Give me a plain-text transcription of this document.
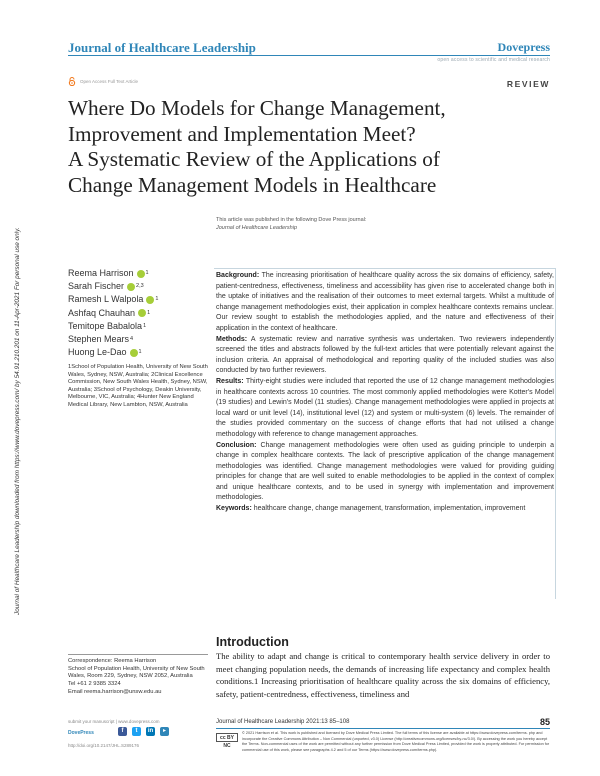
Journal of Healthcare Leadership	Dovepress
open access to scientific and medical research
Open Access Full Text Article	REVIEW
Where Do Models for Change Management,
Improvement and Implementation Meet?
A Systematic Review of the Applications of
Change Management Models in Healthcare
This article was published in the following Dove Press journal:
Journal of Healthcare Leadership
Journal of Healthcare Leadership downloaded from https://www.dovepress.com/ by 54.91.210.201 on 11-Apr-2021 For personal use only.	Reema Harrison 1
Sarah Fischer 2,3
Ramesh L Walpola 1
Ashfaq Chauhan 1
Temitope Babalola 1
Stephen Mears 4
Huong Le-Dao 1
1School of Population Health, University of New South Wales, Sydney, NSW, Australia; 2Clinical Excellence Commission, New South Wales Health, Sydney, NSW, Australia; 3School of Psychology, Deakin University, Melbourne, VIC, Australia; 4Hunter New England Medical Library, New Lambton, NSW, Australia

Background: The increasing prioritisation of healthcare quality across the six domains of efficiency, safety, patient-centredness, effectiveness, timeliness and accessibility has given rise to accelerated change both in the uptake of initiatives and the realisation of their outcomes to meet external targets. Whilst a multitude of change management methodologies exist, their application in complex healthcare contexts remains unclear. Our review sought to establish the methodologies applied, and the nature and effectiveness of their application in the context of healthcare.

Methods: A systematic review and narrative synthesis was undertaken. Two reviewers independently screened the titles and abstracts followed by the full-text articles that were potentially relevant against the inclusion criteria. An appraisal of methodological and reporting quality of the included studies was also conducted by two further reviewers.

Results: Thirty-eight studies were included that reported the use of 12 change management methodologies in healthcare contexts across 10 countries. The most commonly applied methodologies were Kotter's Model (19 studies) and Lewin's Model (11 studies). Change management methodologies were applied in projects at local ward or unit level (14), institutional level (12) and system or multi-system (6) levels. The remainder of the studies provided commentary on the success of change efforts that had not utilised a change methodology with reference to change management approaches.

Conclusion: Change management methodologies were often used as guiding principle to underpin a change in complex healthcare contexts. The lack of prescriptive application of the change management methodologies was identified. Change management methodologies were valued for providing guiding principles for change that are well suited to enable methodologies to be applied in the context of complex and unique healthcare contexts, and to be used in synergy with implementation and improvement methodologies.

Keywords: healthcare change, change management, transformation, implementation, improvement

Introduction
The ability to adapt and change is critical to contemporary health service delivery in order to meet changing population needs, the demands of increasing life expectancy and complex health conditions.1 Increasing prioritisation of healthcare quality across the six domains of efficiency, safety, patient-centredness, effectiveness, timeliness and
Correspondence: Reema Harrison
School of Population Health, University of New South Wales, Room 229, Sydney, NSW 2052, Australia
Tel +61 2 9385 3324
Email reema.harrison@unsw.edu.au
submit your manuscript | www.dovepress.com
DovePress	f	t	in	▸
http://doi.org/10.2147/JHL.S289176
Journal of Healthcare Leadership 2021:13 85–108	85
cc BY NC
© 2021 Harrison et al. This work is published and licensed by Dove Medical Press Limited. The full terms of this license are available at https://www.dovepress.com/terms. php and incorporate the Creative Commons Attribution – Non Commercial (unported, v3.0) License (http://creativecommons.org/licenses/by-nc/3.0/). By accessing the work you hereby accept the Terms. Non-commercial uses of the work are permitted without any further permission from Dove Medical Press Limited, provided the work is properly attributed. For permission for commercial use of this work, please see paragraphs 4.2 and 5 of our Terms (https://www.dovepress.com/terms.php).
